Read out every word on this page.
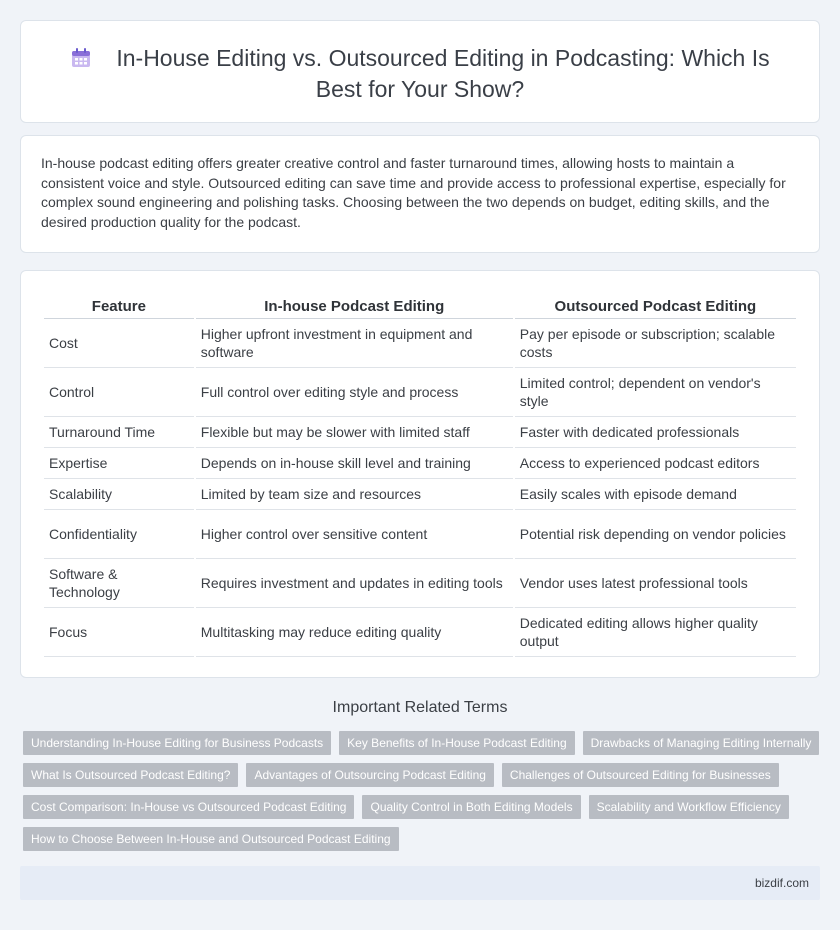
In-House Editing vs. Outsourced Editing in Podcasting: Which Is Best for Your Show?

In-house podcast editing offers greater creative control and faster turnaround times, allowing hosts to maintain a consistent voice and style. Outsourced editing can save time and provide access to professional expertise, especially for complex sound engineering and polishing tasks. Choosing between the two depends on budget, editing skills, and the desired production quality for the podcast.

Feature	In-house Podcast Editing	Outsourced Podcast Editing
Cost	Higher upfront investment in equipment and software	Pay per episode or subscription; scalable costs
Control	Full control over editing style and process	Limited control; dependent on vendor's style
Turnaround Time	Flexible but may be slower with limited staff	Faster with dedicated professionals
Expertise	Depends on in-house skill level and training	Access to experienced podcast editors
Scalability	Limited by team size and resources	Easily scales with episode demand
Confidentiality	Higher control over sensitive content	Potential risk depending on vendor policies
Software & Technology	Requires investment and updates in editing tools	Vendor uses latest professional tools
Focus	Multitasking may reduce editing quality	Dedicated editing allows higher quality output
Important Related Terms
Understanding In-House Editing for Business Podcasts	Key Benefits of In-House Podcast Editing	Drawbacks of Managing Editing Internally
What Is Outsourced Podcast Editing?	Advantages of Outsourcing Podcast Editing	Challenges of Outsourced Editing for Businesses
Cost Comparison: In-House vs Outsourced Podcast Editing	Quality Control in Both Editing Models	Scalability and Workflow Efficiency
How to Choose Between In-House and Outsourced Podcast Editing
bizdif.com
